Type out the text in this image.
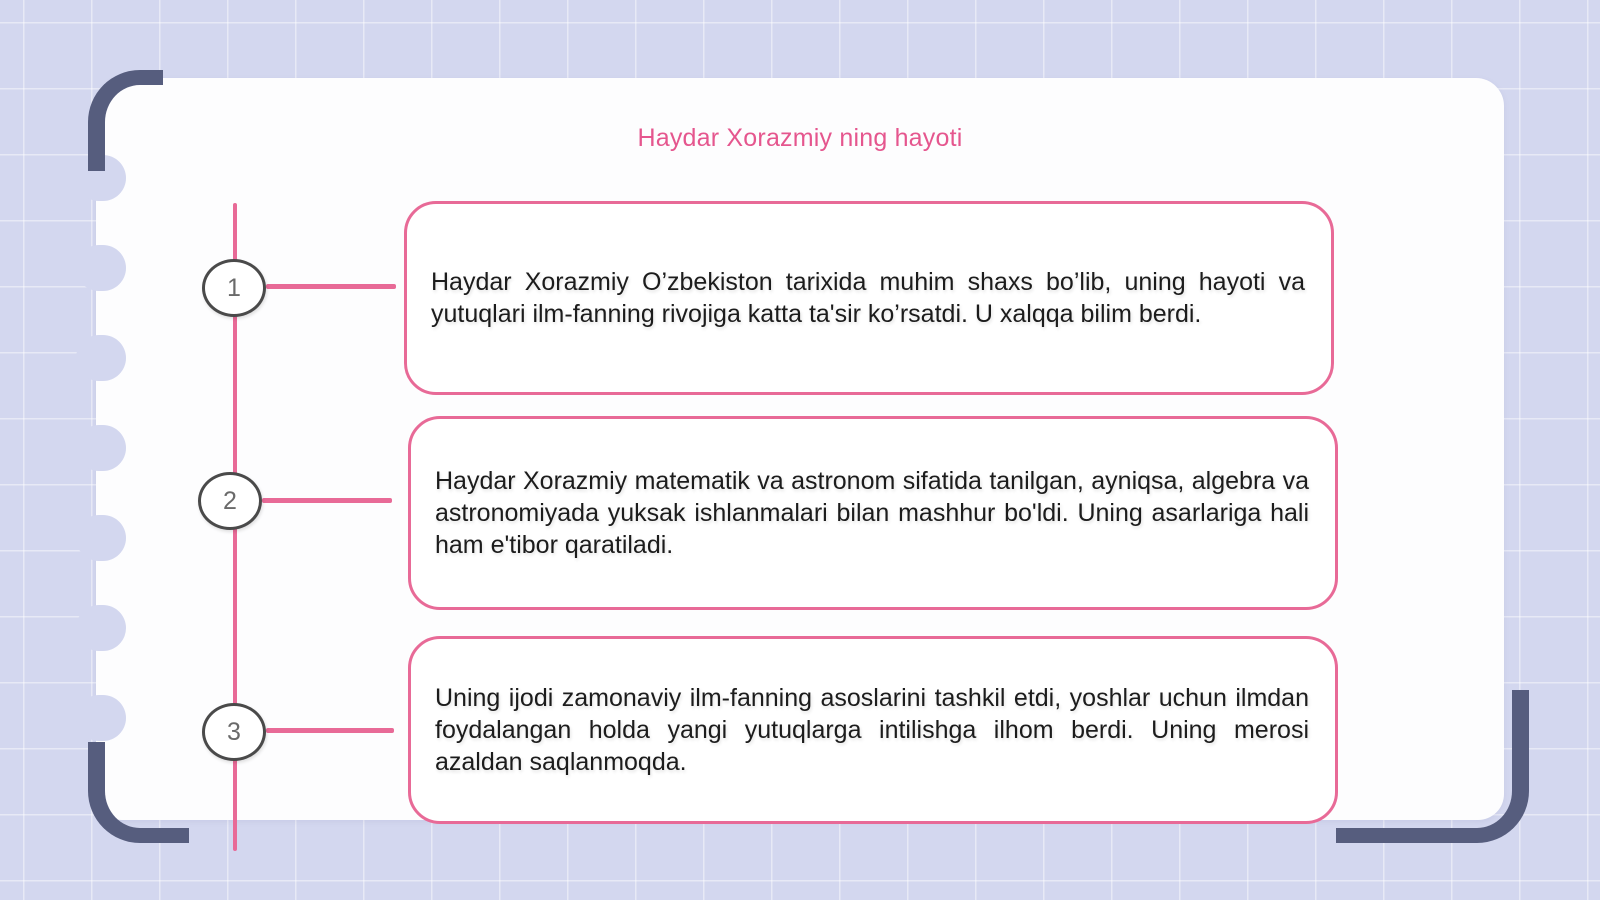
Haydar Xorazmiy ning hayoti
1
2
3

Haydar Xorazmiy O’zbekiston tarixida muhim shaxs bo’lib, uning hayoti va yutuqlari ilm-fanning rivojiga katta ta'sir ko’rsatdi. U xalqqa bilim berdi.

Haydar Xorazmiy matematik va astronom sifatida tanilgan, ayniqsa, algebra va astronomiyada yuksak ishlanmalari bilan mashhur bo'ldi. Uning asarlariga hali ham e'tibor qaratiladi.

Uning ijodi zamonaviy ilm-fanning asoslarini tashkil etdi, yoshlar uchun ilmdan foydalangan holda yangi yutuqlarga intilishga ilhom berdi. Uning merosi azaldan saqlanmoqda.
